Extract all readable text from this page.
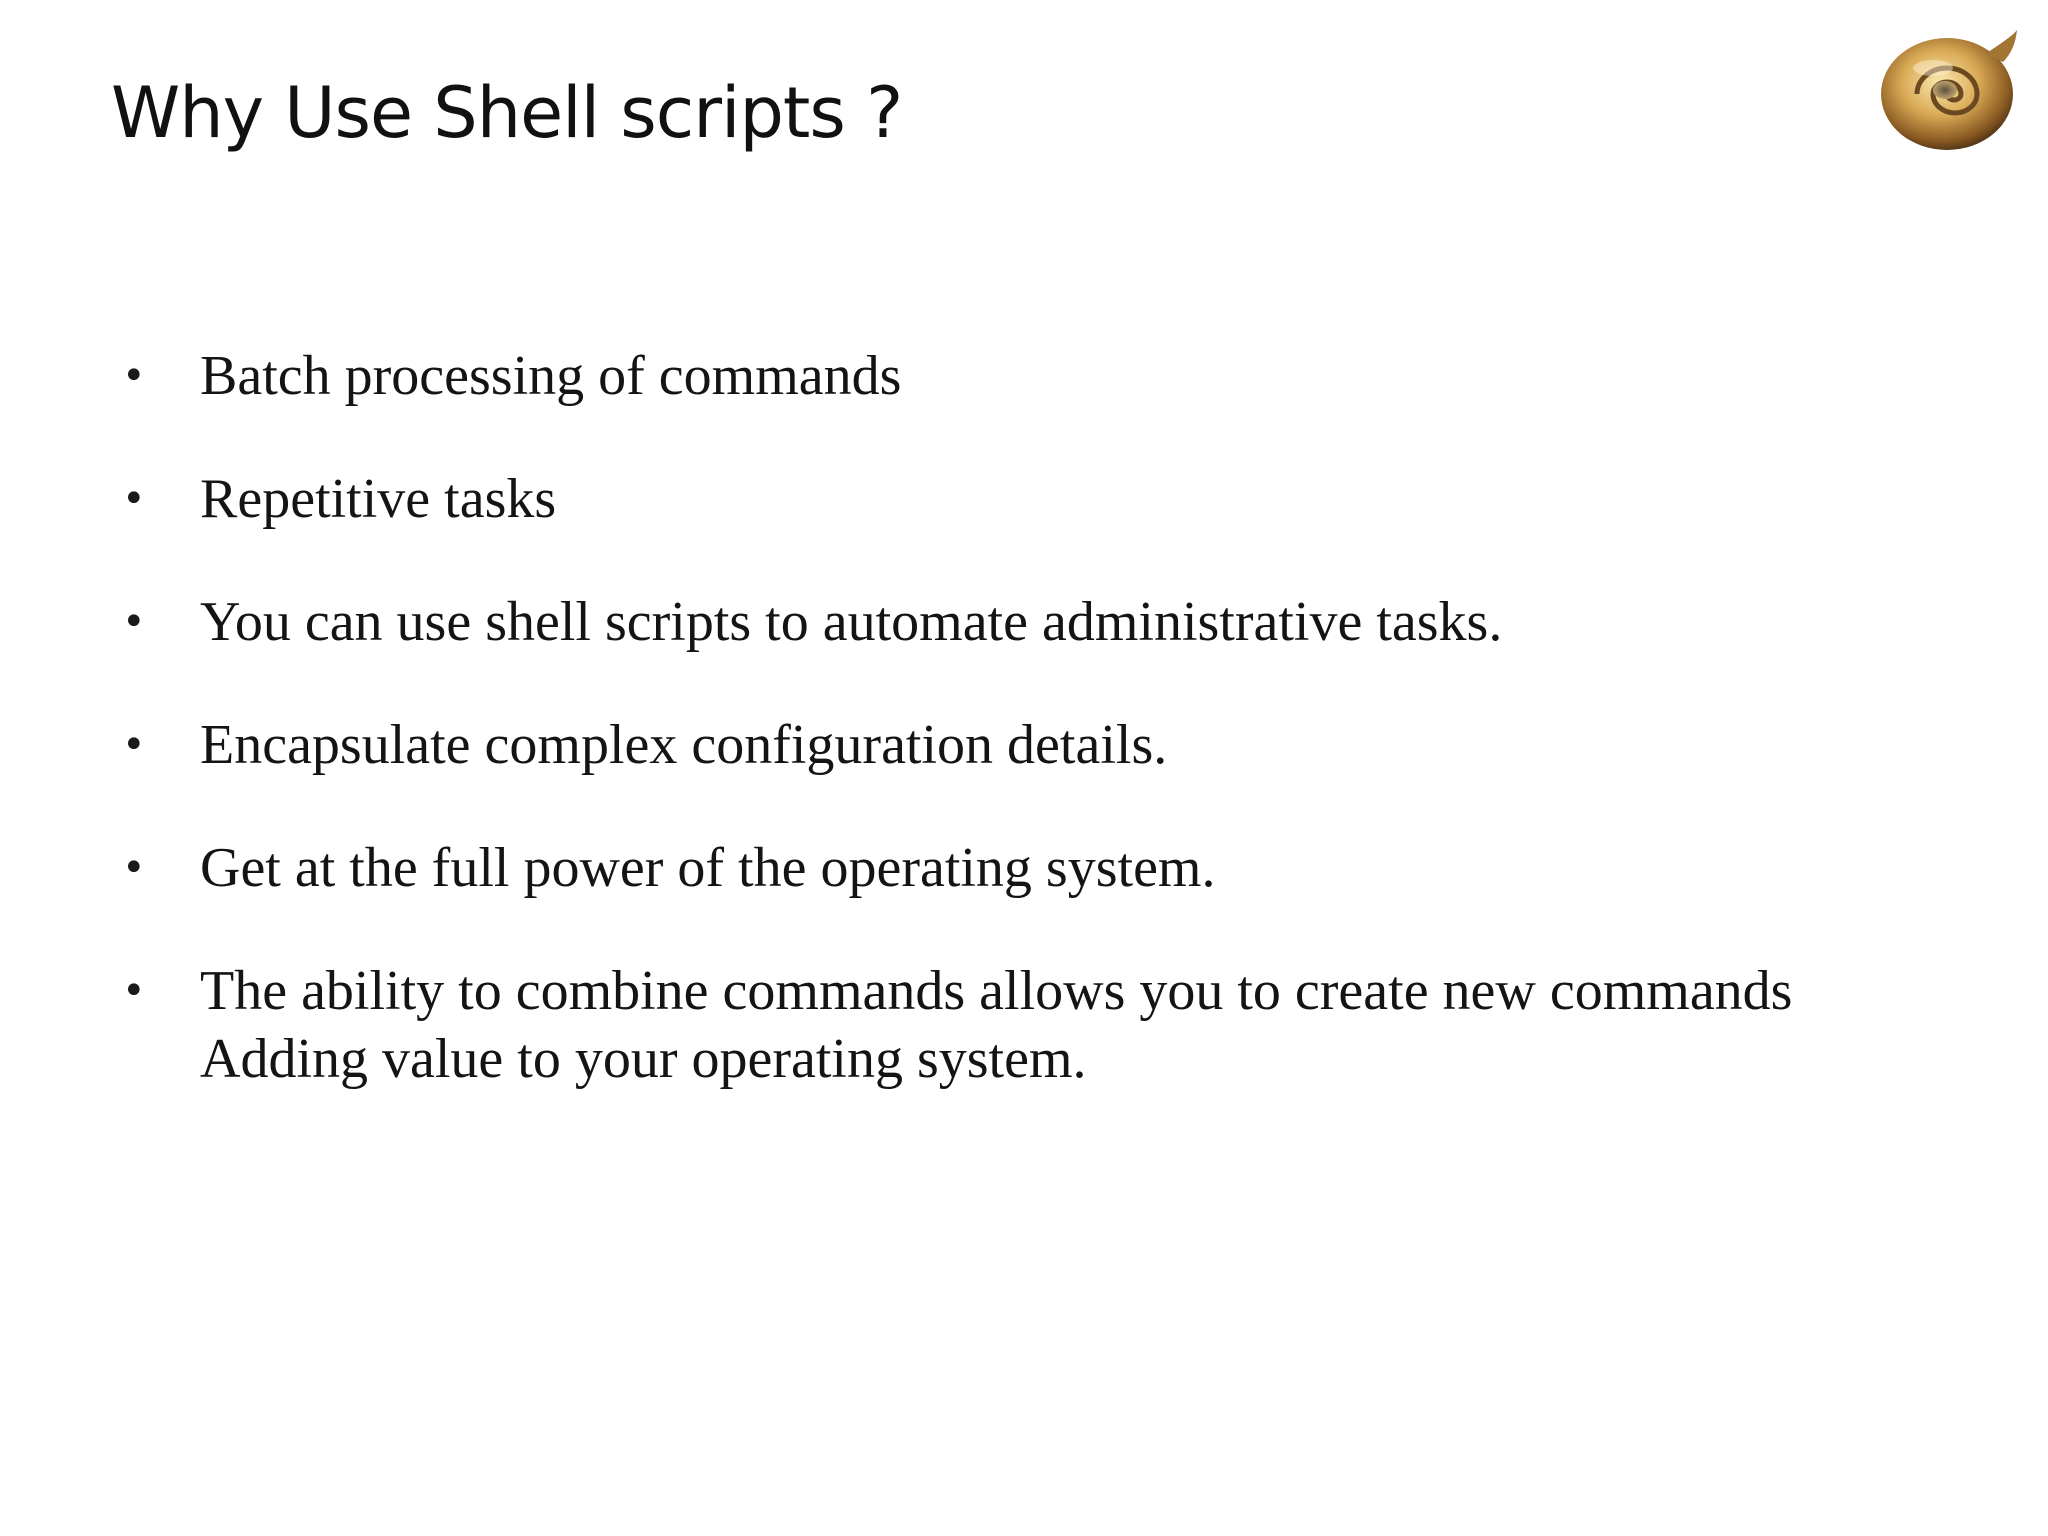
Why Use Shell scripts ?
• Batch processing of commands
• Repetitive tasks
• You can use shell scripts to automate administrative tasks.
• Encapsulate complex configuration details.
• Get at the full power of the operating system.
• The ability to combine commands allows you to create new commands Adding value to your operating system.
